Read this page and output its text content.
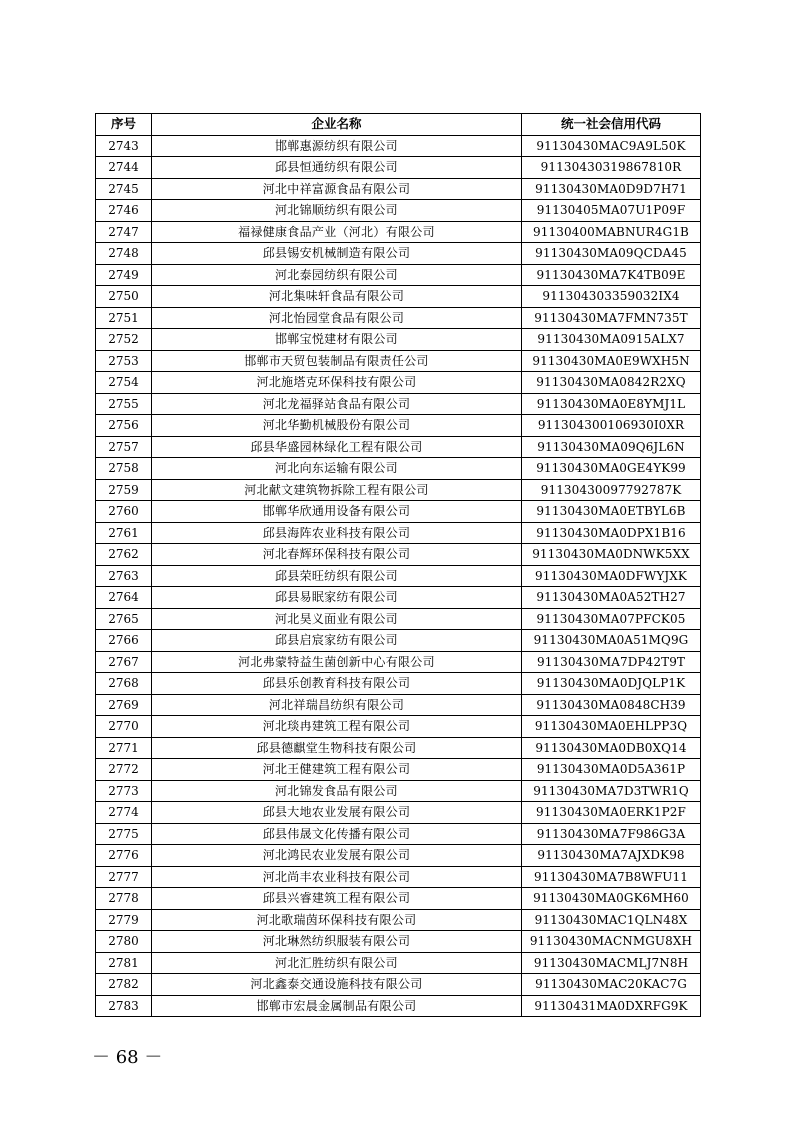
序号	企业名称	统一社会信用代码
2743	邯郸惠源纺织有限公司	91130430MAC9A9L50K
2744	邱县恒通纺织有限公司	91130430319867810R
2745	河北中祥富源食品有限公司	91130430MA0D9D7H71
2746	河北锦顺纺织有限公司	91130405MA07U1P09F
2747	福禄健康食品产业（河北）有限公司	91130400MABNUR4G1B
2748	邱县锡安机械制造有限公司	91130430MA09QCDA45
2749	河北泰园纺织有限公司	91130430MA7K4TB09E
2750	河北集味轩食品有限公司	911304303359032IX4
2751	河北怡园堂食品有限公司	91130430MA7FMN735T
2752	邯郸宝悦建材有限公司	91130430MA0915ALX7
2753	邯郸市天贸包装制品有限责任公司	91130430MA0E9WXH5N
2754	河北施塔克环保科技有限公司	91130430MA0842R2XQ
2755	河北龙福驿站食品有限公司	91130430MA0E8YMJ1L
2756	河北华勤机械股份有限公司	911304300106930I0XR
2757	邱县华盛园林绿化工程有限公司	91130430MA09Q6JL6N
2758	河北向东运输有限公司	91130430MA0GE4YK99
2759	河北献文建筑物拆除工程有限公司	91130430097792787K
2760	邯郸华欣通用设备有限公司	91130430MA0ETBYL6B
2761	邱县海阵农业科技有限公司	91130430MA0DPX1B16
2762	河北春辉环保科技有限公司	91130430MA0DNWK5XX
2763	邱县荣旺纺织有限公司	91130430MA0DFWYJXK
2764	邱县易眠家纺有限公司	91130430MA0A52TH27
2765	河北昊义面业有限公司	91130430MA07PFCK05
2766	邱县启宸家纺有限公司	91130430MA0A51MQ9G
2767	河北弗蒙特益生菌创新中心有限公司	91130430MA7DP42T9T
2768	邱县乐创教育科技有限公司	91130430MA0DJQLP1K
2769	河北祥瑞昌纺织有限公司	91130430MA0848CH39
2770	河北琰冉建筑工程有限公司	91130430MA0EHLPP3Q
2771	邱县德麒堂生物科技有限公司	91130430MA0DB0XQ14
2772	河北王健建筑工程有限公司	91130430MA0D5A361P
2773	河北锦发食品有限公司	91130430MA7D3TWR1Q
2774	邱县大地农业发展有限公司	91130430MA0ERK1P2F
2775	邱县伟晟文化传播有限公司	91130430MA7F986G3A
2776	河北鸿民农业发展有限公司	91130430MA7AJXDK98
2777	河北尚丰农业科技有限公司	91130430MA7B8WFU11
2778	邱县兴睿建筑工程有限公司	91130430MA0GK6MH60
2779	河北歌瑞茵环保科技有限公司	91130430MAC1QLN48X
2780	河北琳然纺织服装有限公司	91130430MACNMGU8XH
2781	河北汇胜纺织有限公司	91130430MACMLJ7N8H
2782	河北鑫泰交通设施科技有限公司	91130430MAC20KAC7G
2783	邯郸市宏晨金属制品有限公司	91130431MA0DXRFG9K
－ 68 －
